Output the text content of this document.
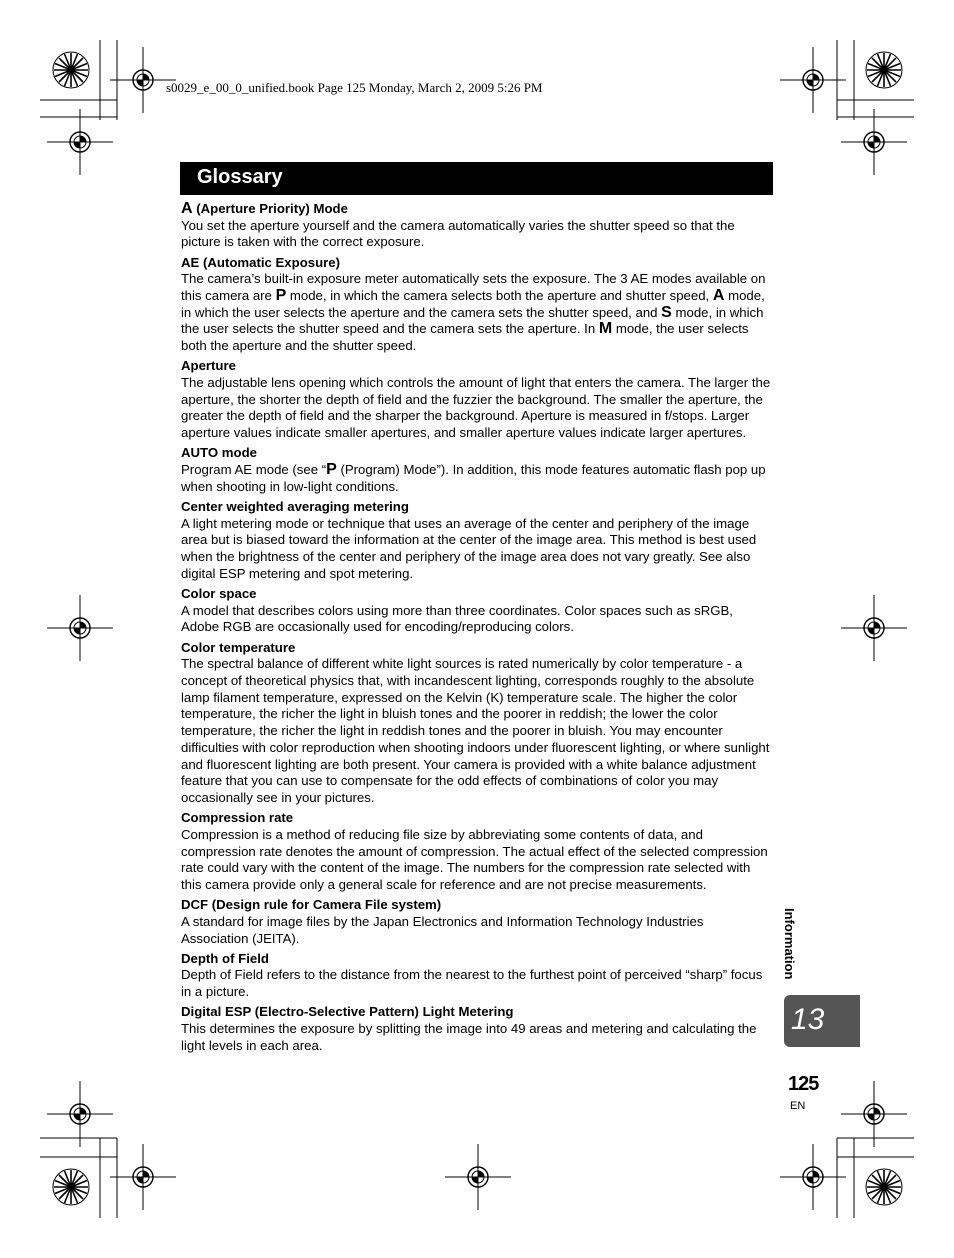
s0029_e_00_0_unified.book Page 125 Monday, March 2, 2009 5:26 PM
Glossary

A (Aperture Priority) Mode

You set the aperture yourself and the camera automatically varies the shutter speed so that the picture is taken with the correct exposure.

AE (Automatic Exposure)

The camera’s built-in exposure meter automatically sets the exposure. The 3 AE modes available on this camera are P mode, in which the camera selects both the aperture and shutter speed, A mode, in which the user selects the aperture and the camera sets the shutter speed, and S mode, in which the user selects the shutter speed and the camera sets the aperture. In M mode, the user selects both the aperture and the shutter speed.

Aperture

The adjustable lens opening which controls the amount of light that enters the camera. The larger the aperture, the shorter the depth of field and the fuzzier the background. The smaller the aperture, the greater the depth of field and the sharper the background. Aperture is measured in f/stops. Larger aperture values indicate smaller apertures, and smaller aperture values indicate larger apertures.

AUTO mode

Program AE mode (see “P (Program) Mode”). In addition, this mode features automatic flash pop up when shooting in low-light conditions.

Center weighted averaging metering

A light metering mode or technique that uses an average of the center and periphery of the image area but is biased toward the information at the center of the image area. This method is best used when the brightness of the center and periphery of the image area does not vary greatly. See also digital ESP metering and spot metering.

Color space

A model that describes colors using more than three coordinates. Color spaces such as sRGB, Adobe RGB are occasionally used for encoding/reproducing colors.

Color temperature

The spectral balance of different white light sources is rated numerically by color temperature - a concept of theoretical physics that, with incandescent lighting, corresponds roughly to the absolute lamp filament temperature, expressed on the Kelvin (K) temperature scale. The higher the color temperature, the richer the light in bluish tones and the poorer in reddish; the lower the color temperature, the richer the light in reddish tones and the poorer in bluish. You may encounter difficulties with color reproduction when shooting indoors under fluorescent lighting, or where sunlight and fluorescent lighting are both present. Your camera is provided with a white balance adjustment feature that you can use to compensate for the odd effects of combinations of color you may occasionally see in your pictures.

Compression rate

Compression is a method of reducing file size by abbreviating some contents of data, and compression rate denotes the amount of compression. The actual effect of the selected compression rate could vary with the content of the image. The numbers for the compression rate selected with this camera provide only a general scale for reference and are not precise measurements.

DCF (Design rule for Camera File system)

A standard for image files by the Japan Electronics and Information Technology Industries Association (JEITA).

Depth of Field

Depth of Field refers to the distance from the nearest to the furthest point of perceived “sharp” focus in a picture.

Digital ESP (Electro-Selective Pattern) Light Metering

This determines the exposure by splitting the image into 49 areas and metering and calculating the light levels in each area.

Information
13
125
EN
